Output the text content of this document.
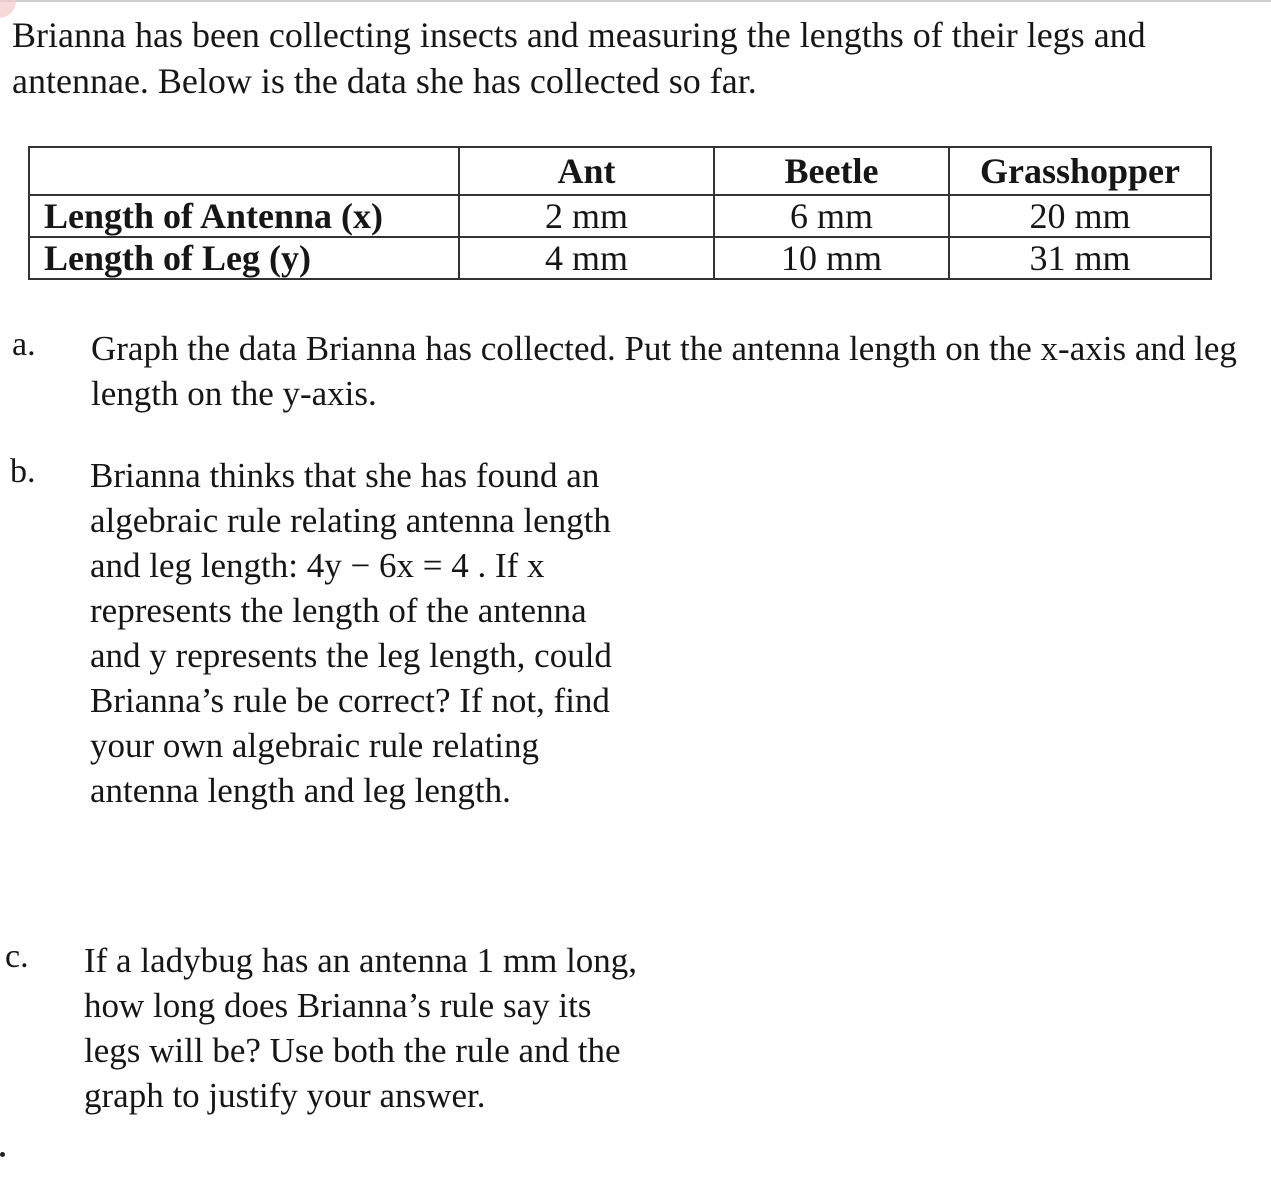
Brianna has been collecting insects and measuring the lengths of their legs and antennae. Below is the data she has collected so far.

	Ant	Beetle	Grasshopper
Length of Antenna (x)	2 mm	6 mm	20 mm
Length of Leg (y)	4 mm	10 mm	31 mm
a. Graph the data Brianna has collected. Put the antenna length on the x-axis and leg length on the y-axis.

b. Brianna thinks that she has found an algebraic rule relating antenna length and leg length: 4y − 6x = 4 . If x represents the length of the antenna and y represents the leg length, could Brianna’s rule be correct? If not, find your own algebraic rule relating antenna length and leg length.

c. If a ladybug has an antenna 1 mm long, how long does Brianna’s rule say its legs will be? Use both the rule and the graph to justify your answer.
